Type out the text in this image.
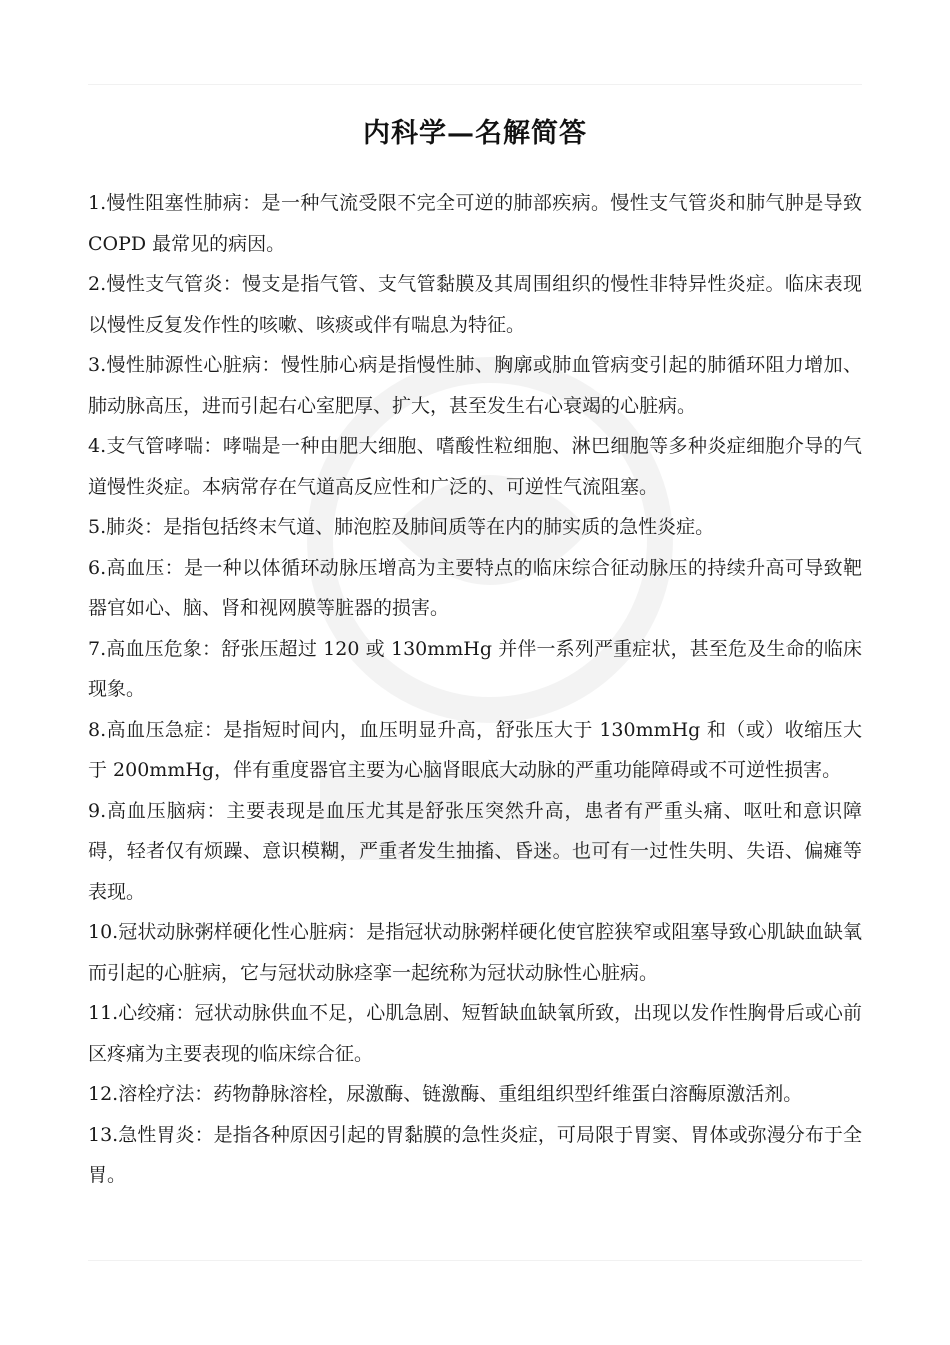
内科学—名解简答

1.慢性阻塞性肺病：是一种气流受限不完全可逆的肺部疾病。慢性支气管炎和肺气肿是导致 COPD 最常见的病因。

2.慢性支气管炎：慢支是指气管、支气管黏膜及其周围组织的慢性非特异性炎症。临床表现以慢性反复发作性的咳嗽、咳痰或伴有喘息为特征。

3.慢性肺源性心脏病：慢性肺心病是指慢性肺、胸廓或肺血管病变引起的肺循环阻力增加、肺动脉高压，进而引起右心室肥厚、扩大，甚至发生右心衰竭的心脏病。

4.支气管哮喘：哮喘是一种由肥大细胞、嗜酸性粒细胞、淋巴细胞等多种炎症细胞介导的气道慢性炎症。本病常存在气道高反应性和广泛的、可逆性气流阻塞。

5.肺炎：是指包括终末气道、肺泡腔及肺间质等在内的肺实质的急性炎症。

6.高血压：是一种以体循环动脉压增高为主要特点的临床综合征动脉压的持续升高可导致靶器官如心、脑、肾和视网膜等脏器的损害。

7.高血压危象：舒张压超过 120 或 130mmHg 并伴一系列严重症状，甚至危及生命的临床现象。

8.高血压急症：是指短时间内，血压明显升高，舒张压大于 130mmHg 和（或）收缩压大于 200mmHg，伴有重度器官主要为心脑肾眼底大动脉的严重功能障碍或不可逆性损害。

9.高血压脑病：主要表现是血压尤其是舒张压突然升高，患者有严重头痛、呕吐和意识障碍，轻者仅有烦躁、意识模糊，严重者发生抽搐、昏迷。也可有一过性失明、失语、偏瘫等表现。

10.冠状动脉粥样硬化性心脏病：是指冠状动脉粥样硬化使官腔狭窄或阻塞导致心肌缺血缺氧而引起的心脏病，它与冠状动脉痉挛一起统称为冠状动脉性心脏病。

11.心绞痛：冠状动脉供血不足，心肌急剧、短暂缺血缺氧所致，出现以发作性胸骨后或心前区疼痛为主要表现的临床综合征。

12.溶栓疗法：药物静脉溶栓，尿激酶、链激酶、重组组织型纤维蛋白溶酶原激活剂。

13.急性胃炎：是指各种原因引起的胃黏膜的急性炎症，可局限于胃窦、胃体或弥漫分布于全胃。
